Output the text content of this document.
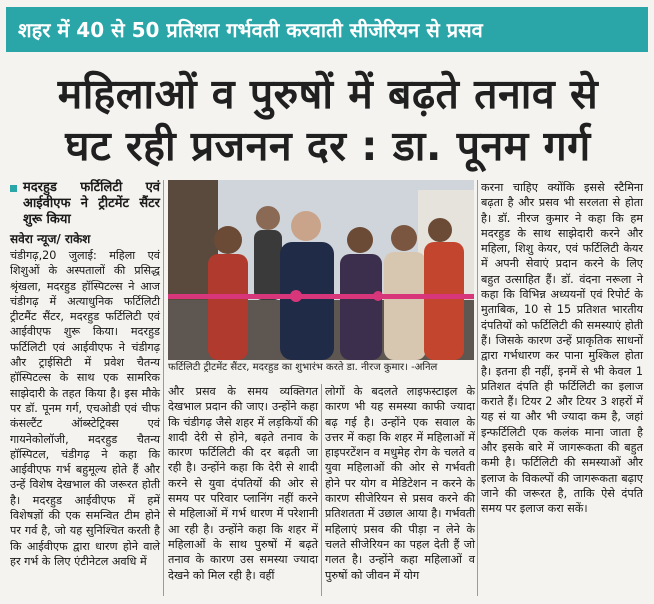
शहर में 40 से 50 प्रतिशत गर्भवती करवाती सीजेरियन से प्रसव
महिलाओं व पुरुषों में बढ़ते तनाव से
घट रही प्रजनन दर : डा. पूनम गर्ग
मदरहुड फर्टिलिटी एवं आईवीएफ ने ट्रीटमेंट सैंटर शुरू किया
सवेरा न्यूज/ राकेश

चंडीगढ़,20 जुलाई: महिला एवं शिशुओं के अस्पतालों की प्रसिद्ध श्रृंखला, मदरहुड हॉस्पिटल्स ने आज चंडीगढ़ में अत्याधुनिक फर्टिलिटी ट्रीटमैंट सैंटर, मदरहुड फर्टिलिटी एवं आईवीएफ शुरू किया। मदरहुड फर्टिलिटी एवं आईवीएफ ने चंडीगढ़ और ट्राईसिटी में प्रवेश चैतन्य हॉस्पिटल्स के साथ एक सामरिक साझेदारी के तहत किया है। इस मौके पर डॉ. पूनम गर्ग, एचओडी एवं चीफ कंसल्टैंट ऑब्स्टेट्रिक्स एवं गायनेकोलॉजी, मदरहुड चैतन्य हॉस्पिटल, चंडीगढ़ ने कहा कि आईवीएफ गर्भ बहुमूल्य होते हैं और उन्हें विशेष देखभाल की जरूरत होती है। मदरहुड आईवीएफ में हमें विशेषज्ञों की एक समन्वित टीम होने पर गर्व है, जो यह सुनिश्चित करती है कि आईवीएफ द्वारा धारण होने वाले हर गर्भ के लिए एंटीनेटल अवधि में

फर्टिलिटी ट्रीटमेंट सैंटर, मदरहुड का शुभारंभ करते डा. नीरज कुमार। -अनिल

और प्रसव के समय व्यक्तिगत देखभाल प्रदान की जाए। उन्होंने कहा कि चंडीगढ़ जैसे शहर में लड़कियों की शादी देरी से होने, बढ़ते तनाव के कारण फर्टिलिटी की दर बढ़ती जा रही है। उन्होंने कहा कि देरी से शादी करने से युवा दंपतियों की ओर से समय पर परिवार प्लानिंग नहीं करने से महिलाओं में गर्भ धारण में परेशानी आ रही है। उन्होंने कहा कि शहर में महिलाओं के साथ पुरुषों में बढ़ते तनाव के कारण उस समस्या ज्यादा देखने को मिल रही है। वहीं

लोगों के बदलते लाइफस्टाइल के कारण भी यह समस्या काफी ज्यादा बढ़ गई है। उन्होंने एक सवाल के उत्तर में कहा कि शहर में महिलाओं में हाइपरटेंशन व मधुमेह रोग के चलते व युवा महिलाओं की ओर से गर्भवती होने पर योग व मेडिटेशन न करने के कारण सीजेरियन से प्रसव करने की प्रतिशतता में उछाल आया है। गर्भवती महिलाएं प्रसव की पीड़ा न लेने के चलते सीजेरियन का पहल देती हैं जो गलत है। उन्होंने कहा महिलाओं व पुरुषों को जीवन में योग

करना चाहिए क्योंकि इससे स्टैमिना बढ़ता है और प्रसव भी सरलता से होता है। डॉ. नीरज कुमार ने कहा कि हम मदरहुड के साथ साझेदारी करने और महिला, शिशु केयर, एवं फर्टिलिटी केयर में अपनी सेवाएं प्रदान करने के लिए बहुत उत्साहित हैं। डॉ. वंदना नरूला ने कहा कि विभिन्न अध्ययनों एवं रिपोर्ट के मुताबिक, 10 से 15 प्रतिशत भारतीय दंपतियों को फर्टिलिटी की समस्याएं होती हैं। जिसके कारण उन्हें प्राकृतिक साधनों द्वारा गर्भधारण कर पाना मुश्किल होता है। इतना ही नहीं, इनमें से भी केवल 1 प्रतिशत दंपति ही फर्टिलिटी का इलाज कराते हैं। टियर 2 और टियर 3 शहरों में यह सं या और भी ज्यादा कम है, जहां इन्फर्टिलिटी एक कलंक माना जाता है और इसके बारे में जागरूकता की बहुत कमी है। फर्टिलिटी की समस्याओं और इलाज के विकल्पों की जागरूकता बढ़ाए जाने की जरूरत है, ताकि ऐसे दंपति समय पर इलाज करा सकें।
